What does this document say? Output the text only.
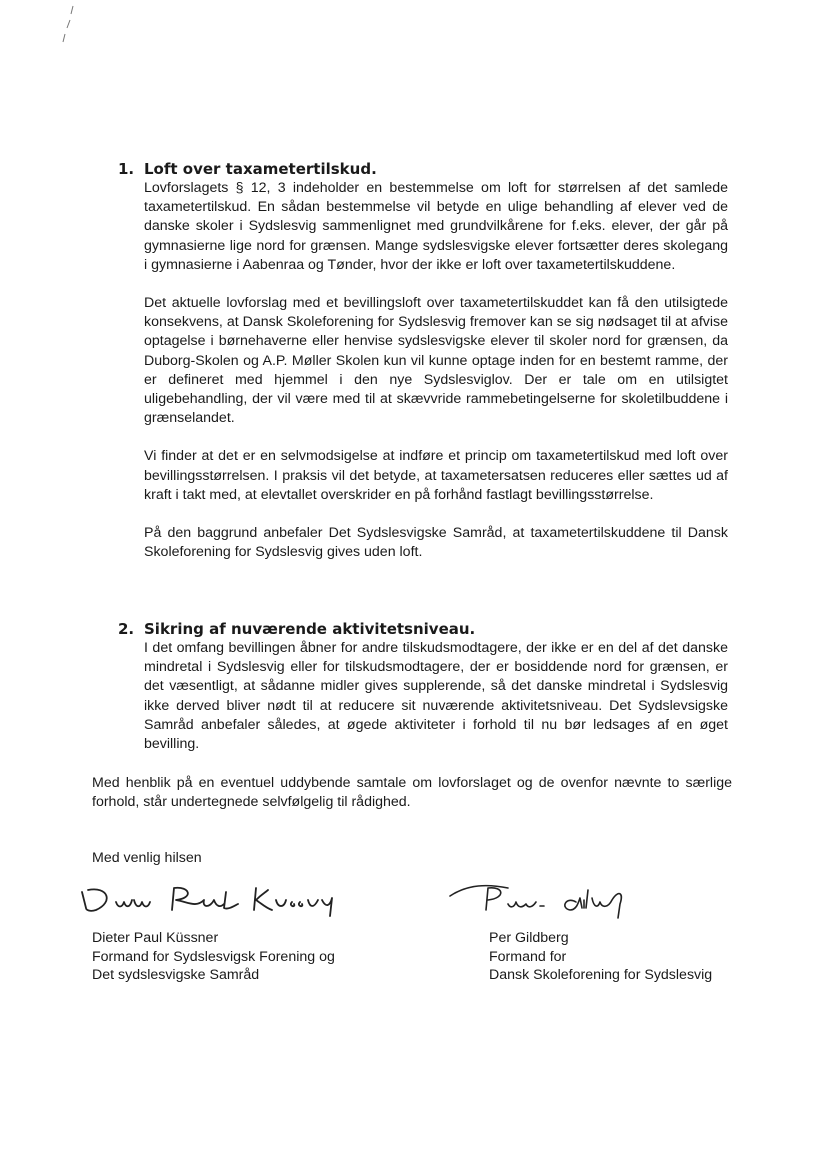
1. Loft over taxametertilskud.

Lovforslagets § 12, 3 indeholder en bestemmelse om loft for størrelsen af det samlede taxametertilskud. En sådan bestemmelse vil betyde en ulige behandling af elever ved de danske skoler i Sydslesvig sammenlignet med grundvilkårene for f.eks. elever, der går på gymnasierne lige nord for grænsen. Mange sydslesvigske elever fortsætter deres skolegang i gymnasierne i Aabenraa og Tønder, hvor der ikke er loft over taxametertilskuddene.

Det aktuelle lovforslag med et bevillingsloft over taxametertilskuddet kan få den utilsigtede konsekvens, at Dansk Skoleforening for Sydslesvig fremover kan se sig nødsaget til at afvise optagelse i børnehaverne eller henvise sydslesvigske elever til skoler nord for grænsen, da Duborg-Skolen og A.P. Møller Skolen kun vil kunne optage inden for en bestemt ramme, der er defineret med hjemmel i den nye Sydslesviglov. Der er tale om en utilsigtet uligebehandling, der vil være med til at skævvride rammebetingelserne for skoletilbuddene i grænselandet.

Vi finder at det er en selvmodsigelse at indføre et princip om taxametertilskud med loft over bevillingsstørrelsen. I praksis vil det betyde, at taxametersatsen reduceres eller sættes ud af kraft i takt med, at elevtallet overskrider en på forhånd fastlagt bevillingsstørrelse.

På den baggrund anbefaler Det Sydslesvigske Samråd, at taxametertilskuddene til Dansk Skoleforening for Sydslesvig gives uden loft.

2. Sikring af nuværende aktivitetsniveau.

I det omfang bevillingen åbner for andre tilskudsmodtagere, der ikke er en del af det danske mindretal i Sydslesvig eller for tilskudsmodtagere, der er bosiddende nord for grænsen, er det væsentligt, at sådanne midler gives supplerende, så det danske mindretal i Sydslesvig ikke derved bliver nødt til at reducere sit nuværende aktivitetsniveau. Det Sydslevsigske Samråd anbefaler således, at øgede aktiviteter i forhold til nu bør ledsages af en øget bevilling.

Med henblik på en eventuel uddybende samtale om lovforslaget og de ovenfor nævnte to særlige forhold, står undertegnede selvfølgelig til rådighed.

Med venlig hilsen

Dieter Paul Küssner
Formand for Sydslesvigsk Forening og
Det sydslesvigske Samråd
Per Gildberg
Formand for
Dansk Skoleforening for Sydslesvig
